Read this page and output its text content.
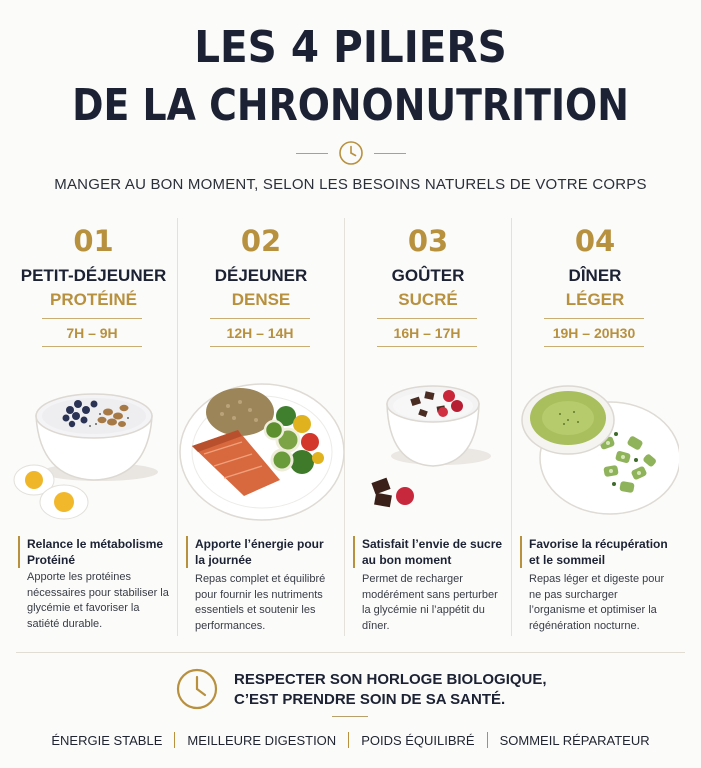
LES 4 PILIERS
DE LA CHRONONUTRITION
MANGER AU BON MOMENT, SELON LES BESOINS NATURELS DE VOTRE CORPS
01
PETIT-DÉJEUNER
PROTÉINÉ
7H – 9H
Relance le métabolisme Protéiné
Apporte les protéines nécessaires pour stabiliser la glycémie et favoriser la satiété durable.
02
DÉJEUNER
DENSE
12H – 14H
Apporte l’énergie pour la journée
Repas complet et équilibré pour fournir les nutriments essentiels et soutenir les performances.
03
GOÛTER
SUCRÉ
16H – 17H
Satisfait l’envie de sucre au bon moment
Permet de recharger modérément sans perturber la glycémie ni l’appétit du dîner.
04
DÎNER
LÉGER
19H – 20H30
Favorise la récupération et le sommeil
Repas léger et digeste pour ne pas surcharger l’organisme et optimiser la régénération nocturne.
RESPECTER SON HORLOGE BIOLOGIQUE,
C’EST PRENDRE SOIN DE SA SANTÉ.
ÉNERGIE STABLE MEILLEURE DIGESTION POIDS ÉQUILIBRÉ SOMMEIL RÉPARATEUR
